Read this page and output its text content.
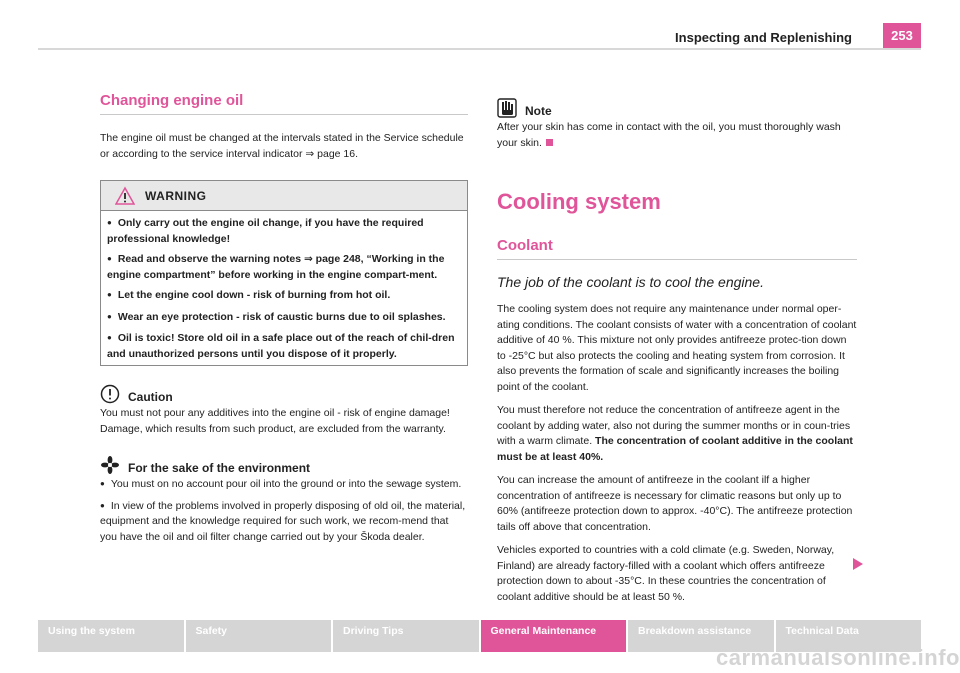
Inspecting and Replenishing	253
Changing engine oil

The engine oil must be changed at the intervals stated in the Service schedule or according to the service interval indicator ⇒ page 16.

WARNING

● Only carry out the engine oil change, if you have the required professional knowledge!

● Read and observe the warning notes ⇒ page 248, “Working in the engine compartment” before working in the engine compart-ment.

● Let the engine cool down - risk of burning from hot oil.

● Wear an eye protection - risk of caustic burns due to oil splashes.

● Oil is toxic! Store old oil in a safe place out of the reach of chil-dren and unauthorized persons until you dispose of it properly.

Caution

You must not pour any additives into the engine oil - risk of engine damage! Damage, which results from such product, are excluded from the warranty.

For the sake of the environment

● You must on no account pour oil into the ground or into the sewage system.

● In view of the problems involved in properly disposing of old oil, the material, equipment and the knowledge required for such work, we recom-mend that you have the oil and oil filter change carried out by your Škoda dealer.

Note

After your skin has come in contact with the oil, you must thoroughly wash your skin.

Cooling system
Coolant

The job of the coolant is to cool the engine.

The cooling system does not require any maintenance under normal oper-ating conditions. The coolant consists of water with a concentration of coolant additive of 40 %. This mixture not only provides antifreeze protec-tion down to -25°C but also protects the cooling and heating system from corrosion. It also prevents the formation of scale and significantly increases the boiling point of the coolant.

You must therefore not reduce the concentration of antifreeze agent in the coolant by adding water, also not during the summer months or in coun-tries with a warm climate. The concentration of coolant additive in the coolant must be at least 40%.

You can increase the amount of antifreeze in the coolant ilf a higher concentration of antifreeze is necessary for climatic reasons but only up to 60% (antifreeze protection down to approx. -40°C). The antifreeze protection tails off above that concentration.

Vehicles exported to countries with a cold climate (e.g. Sweden, Norway, Finland) are already factory-filled with a coolant which offers antifreeze protection down to about -35°C. In these countries the concentration of coolant additive should be at least 50 %.

Using the system	Safety	Driving Tips	General Maintenance	Breakdown assistance	Technical Data
carmanualsonline.info
